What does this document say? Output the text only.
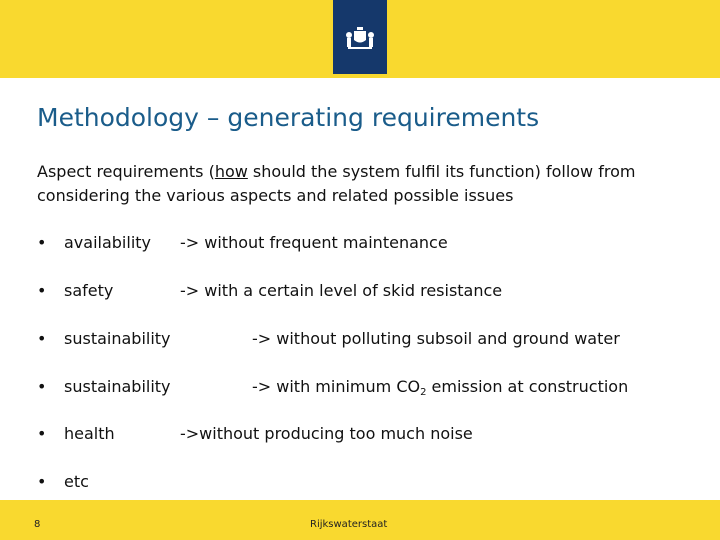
Methodology – generating requirements
Aspect requirements (how should the system fulfil its function) follow from considering the various aspects and related possible issues
• availability -> without frequent maintenance
• safety	-> with a certain level of skid resistance
• sustainability	-> without polluting subsoil and ground water
• sustainability	-> with minimum $CO_2$ emission at construction
• health	->without producing too much noise
• etc
8	Rijkswaterstaat
